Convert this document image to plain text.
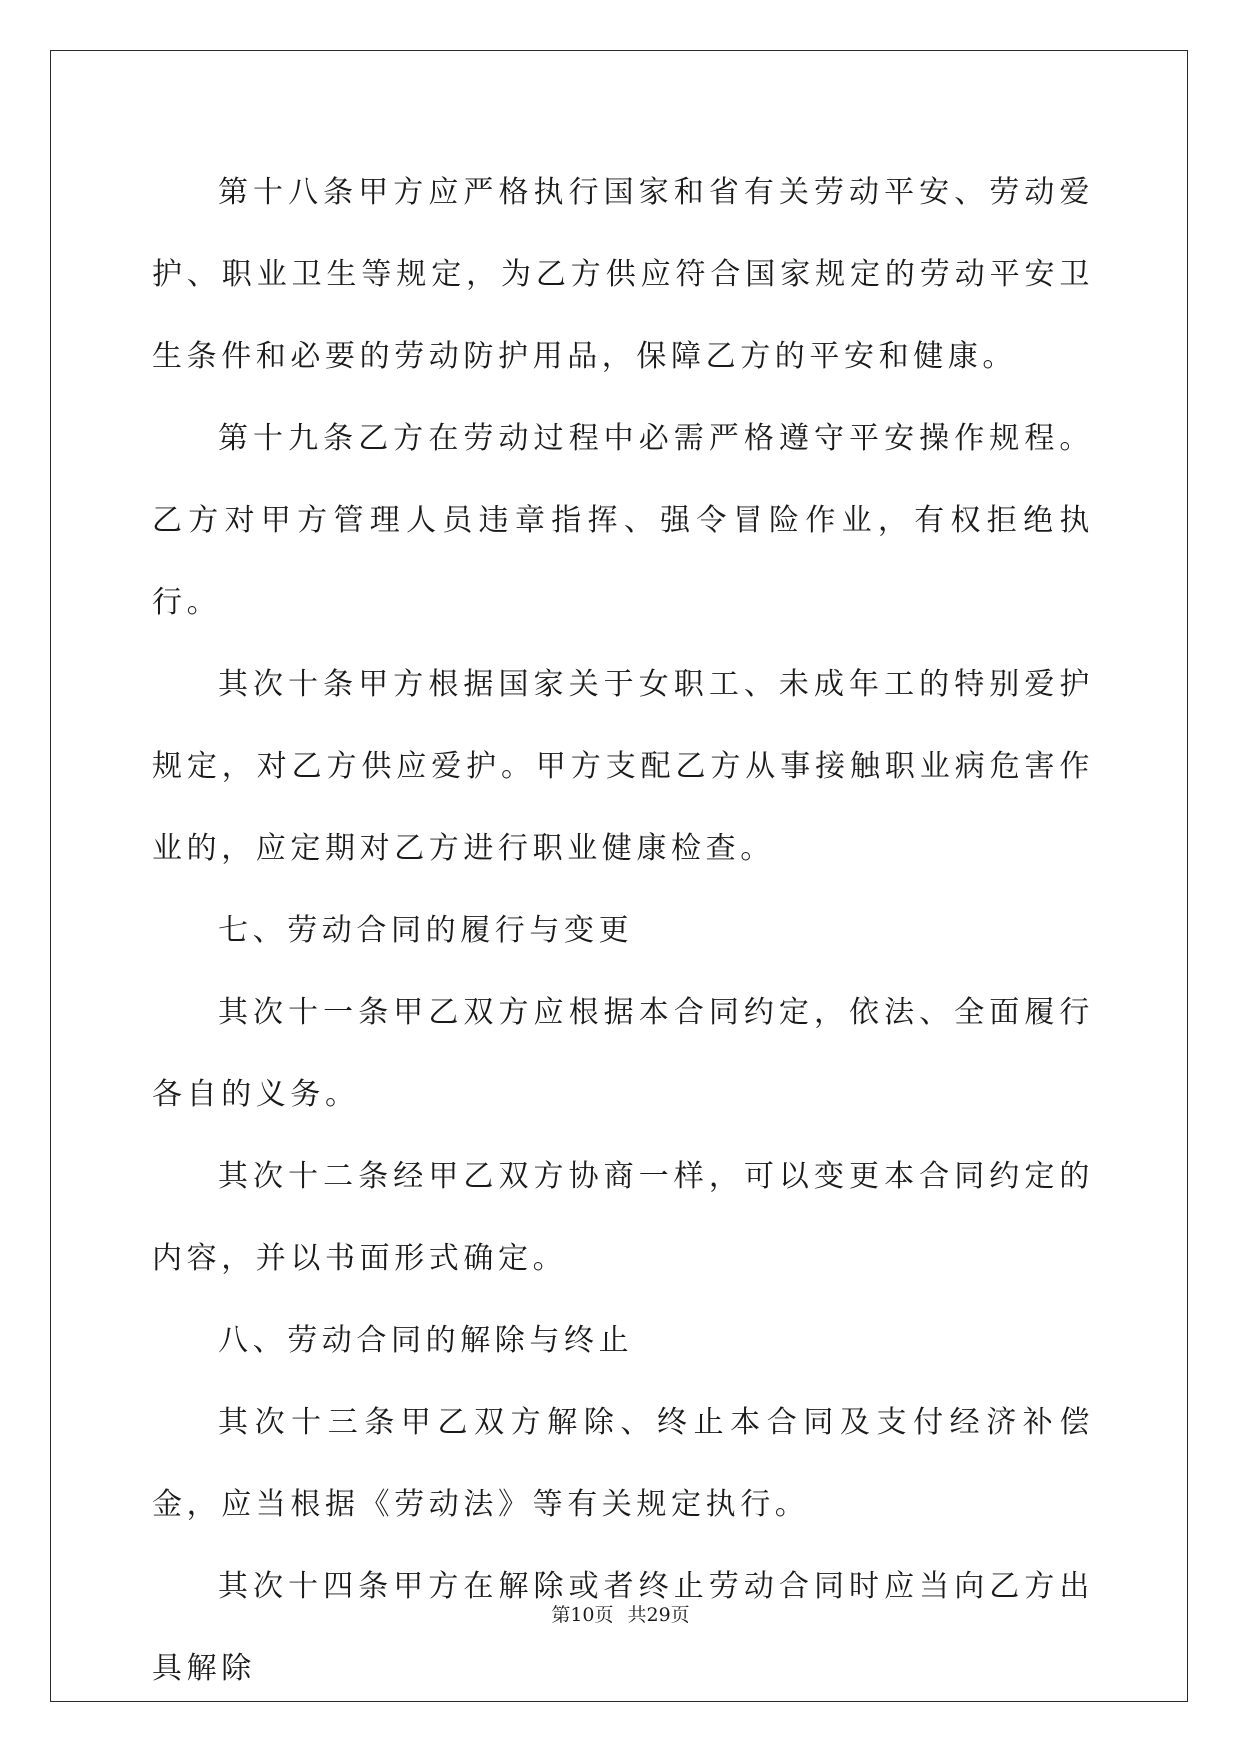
第十八条甲方应严格执行国家和省有关劳动平安、劳动爱护、职业卫生等规定，为乙方供应符合国家规定的劳动平安卫生条件和必要的劳动防护用品，保障乙方的平安和健康。

第十九条乙方在劳动过程中必需严格遵守平安操作规程。乙方对甲方管理人员违章指挥、强令冒险作业，有权拒绝执行。

其次十条甲方根据国家关于女职工、未成年工的特别爱护规定，对乙方供应爱护。甲方支配乙方从事接触职业病危害作业的，应定期对乙方进行职业健康检查。

七、劳动合同的履行与变更

其次十一条甲乙双方应根据本合同约定，依法、全面履行各自的义务。

其次十二条经甲乙双方协商一样，可以变更本合同约定的内容，并以书面形式确定。

八、劳动合同的解除与终止

其次十三条甲乙双方解除、终止本合同及支付经济补偿金，应当根据《劳动法》等有关规定执行。

其次十四条甲方在解除或者终止劳动合同时应当向乙方出具解除

第10页 共29页
